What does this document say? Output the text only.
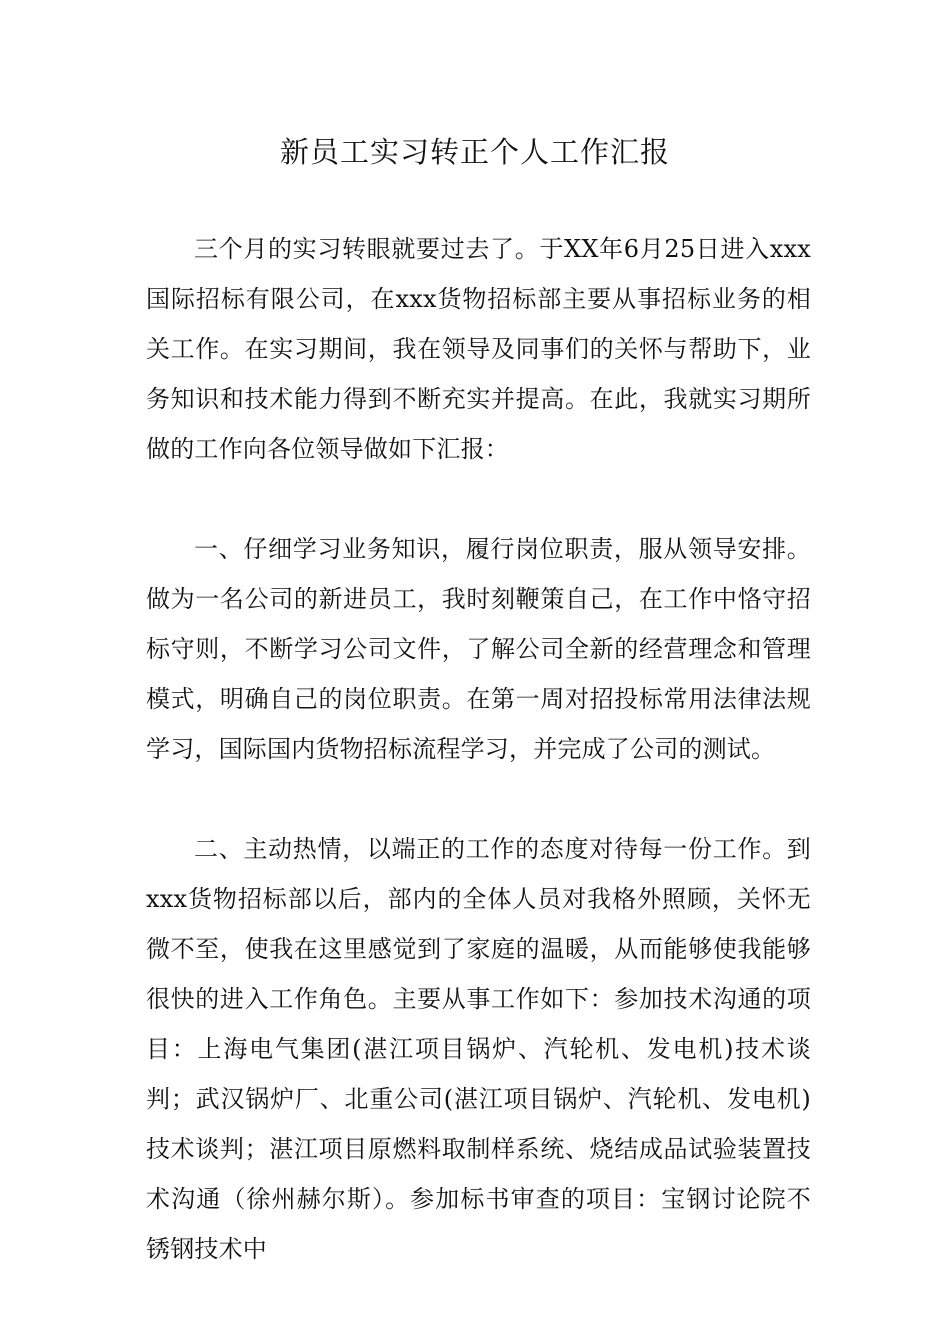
新员工实习转正个人工作汇报

三个月的实习转眼就要过去了。于XX年6月25日进入xxx国际招标有限公司，在xxx货物招标部主要从事招标业务的相关工作。在实习期间，我在领导及同事们的关怀与帮助下，业务知识和技术能力得到不断充实并提高。在此，我就实习期所做的工作向各位领导做如下汇报：

一、仔细学习业务知识，履行岗位职责，服从领导安排。做为一名公司的新进员工，我时刻鞭策自己，在工作中恪守招标守则，不断学习公司文件，了解公司全新的经营理念和管理模式，明确自己的岗位职责。在第一周对招投标常用法律法规学习，国际国内货物招标流程学习，并完成了公司的测试。

二、主动热情，以端正的工作的态度对待每一份工作。到xxx货物招标部以后，部内的全体人员对我格外照顾，关怀无微不至，使我在这里感觉到了家庭的温暖，从而能够使我能够很快的进入工作角色。主要从事工作如下：参加技术沟通的项目：上海电气集团(湛江项目锅炉、汽轮机、发电机)技术谈判；武汉锅炉厂、北重公司(湛江项目锅炉、汽轮机、发电机)技术谈判；湛江项目原燃料取制样系统、烧结成品试验装置技术沟通（徐州赫尔斯）。参加标书审查的项目：宝钢讨论院不锈钢技术中
